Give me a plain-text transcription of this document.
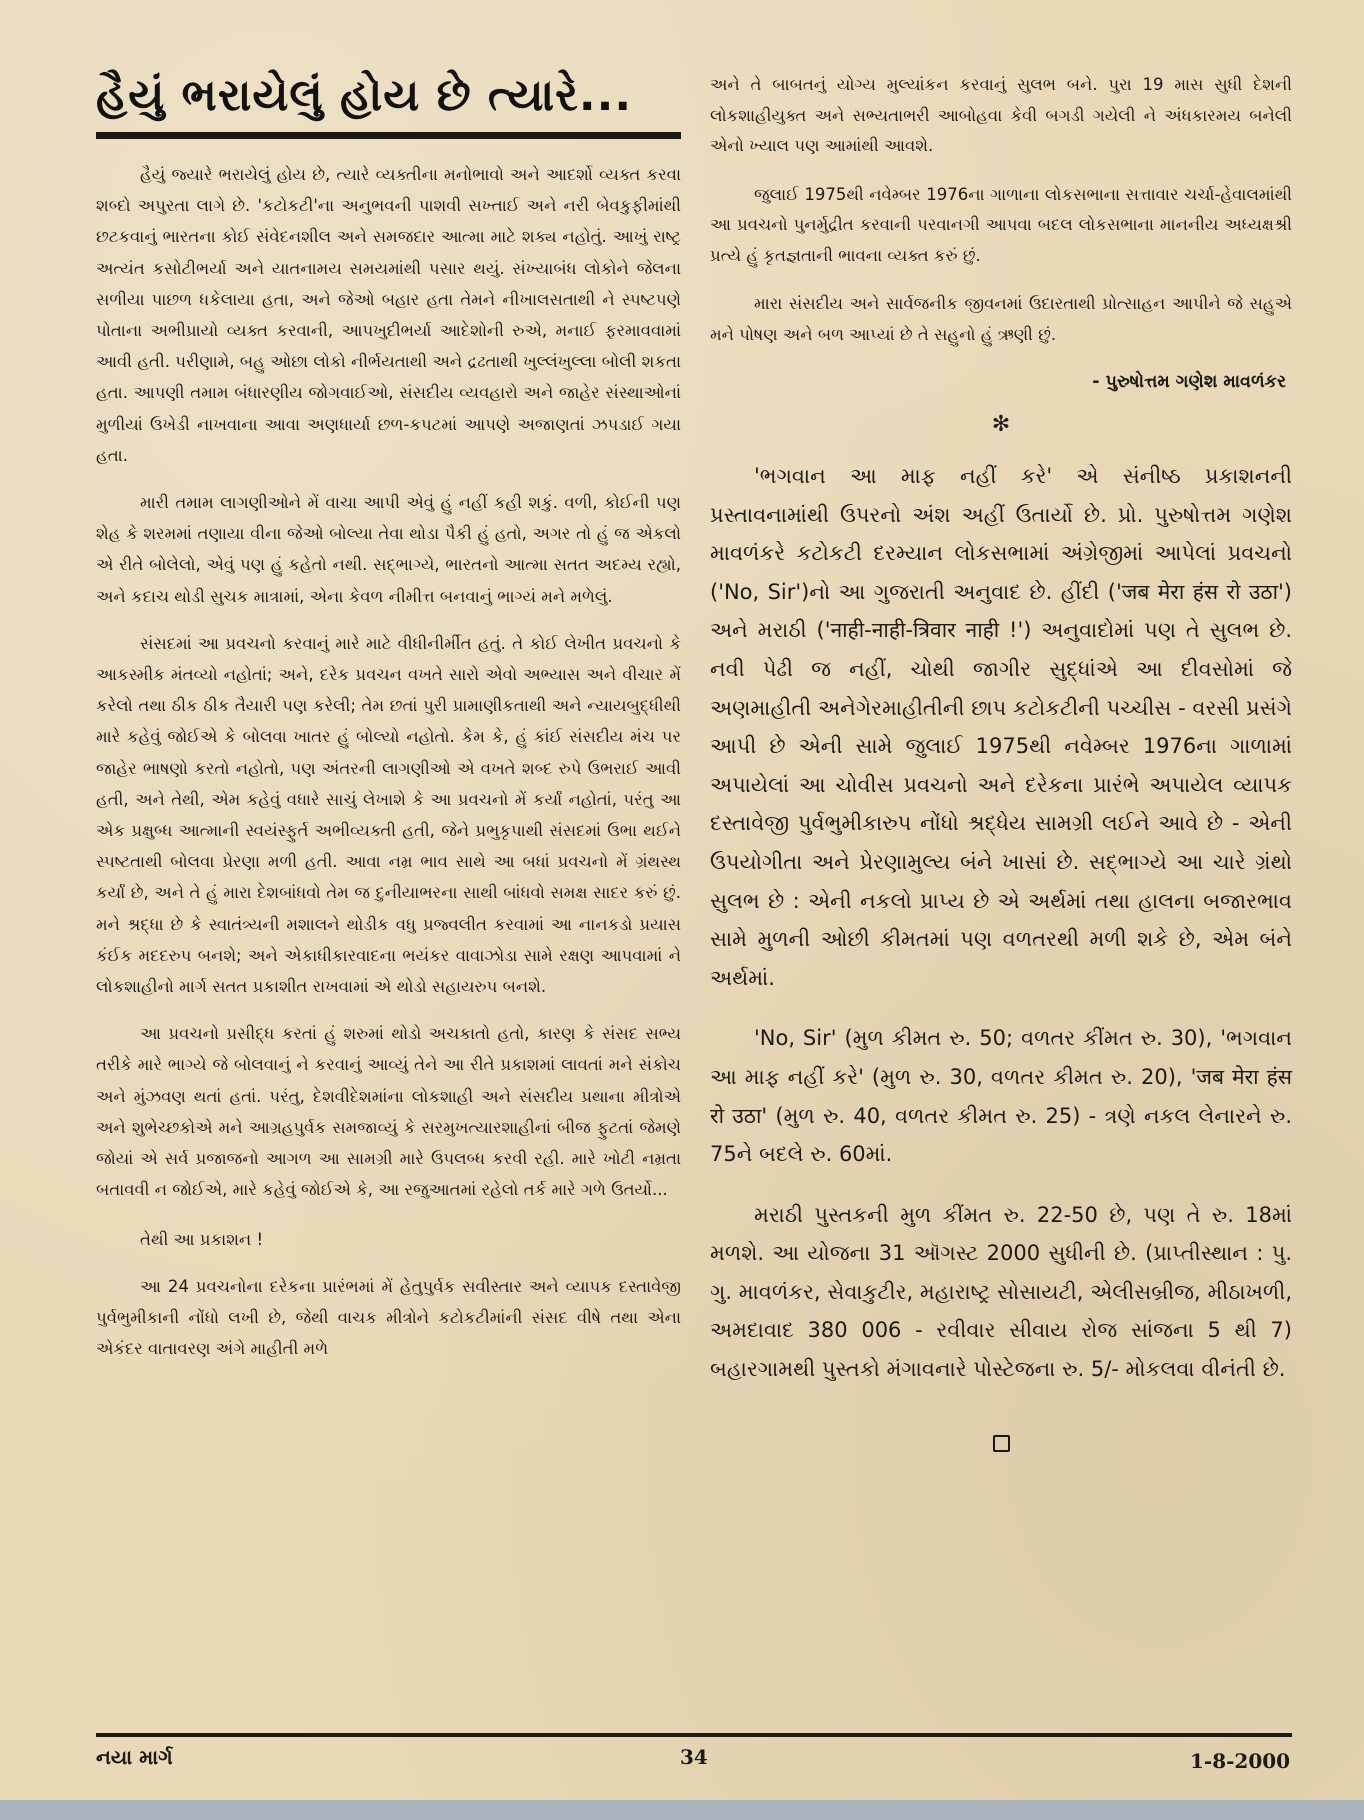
હૈયું ભરાયેલું હોય છે ત્યારે...

હૈયું જ્યારે ભરાયેલું હોય છે, ત્યારે વ્યક્તીના મનોભાવો અને આદર્શો વ્યક્ત કરવા શબ્દો અપુરતા લાગે છે. 'કટોકટી'ના અનુભવની પાશવી સખ્તાઈ અને નરી બેવકુફીમાંથી છટકવાનું ભારતના કોઈ સંવેદનશીલ અને સમજદાર આત્મા માટે શક્ય નહોતું. આખું રાષ્ટ્ર અત્યંત કસોટીભર્યા અને યાતનામય સમયમાંથી પસાર થયું. સંખ્યાબંધ લોકોને જેલના સળીયા પાછળ ધકેલાયા હતા, અને જેઓ બહાર હતા તેમને નીખાલસતાથી ને સ્પષ્ટપણે પોતાના અભીપ્રાયો વ્યક્ત કરવાની, આપખુદીભર્યા આદેશોની રુએ, મનાઈ ફરમાવવામાં આવી હતી. પરીણામે, બહુ ઓછા લોકો નીર્ભયતાથી અને દ્રઢતાથી ખુલ્લંખુલ્લા બોલી શકતા હતા. આપણી તમામ બંધારણીય જોગવાઈઓ, સંસદીય વ્યવહારો અને જાહેર સંસ્થાઓનાં મુળીયાં ઉખેડી નાખવાના આવા અણધાર્યા છળ-કપટમાં આપણે અજાણતાં ઝપડાઈ ગયા હતા.

મારી તમામ લાગણીઓને મેં વાચા આપી એવું હું નહીં કહી શકું. વળી, કોઈની પણ શેહ કે શરમમાં તણાયા વીના જેઓ બોલ્યા તેવા થોડા પૈકી હું હતો, અગર તો હું જ એકલો એ રીતે બોલેલો, એવું પણ હું કહેતો નથી. સદ્ભાગ્યે, ભારતનો આત્મા સતત અદમ્ય રહ્યો, અને કદાચ થોડી સુચક માત્રામાં, એના કેવળ નીમીત્ત બનવાનું ભાગ્યં મને મળેલું.

સંસદમાં આ પ્રવચનો કરવાનું મારે માટે વીધીનીર્મીત હતું. તે કોઈ લેખીત પ્રવચનો કે આકસ્મીક મંતવ્યો નહોતાં; અને, દરેક પ્રવચન વખતે સારો એવો અભ્યાસ અને વીચાર મેં કરેલો તથા ઠીક ઠીક તૈયારી પણ કરેલી; તેમ છતાં પુરી પ્રામાણીકતાથી અને ન્યાયબુદ્ધીથી મારે કહેવું જોઈએ કે બોલવા ખાતર હું બોલ્યો નહોતો. કેમ કે, હું કાંઈ સંસદીય મંચ પર જાહેર ભાષણો કરતો નહોતો, પણ અંતરની લાગણીઓ એ વખતે શબ્દ રુપે ઉભરાઈ આવી હતી, અને તેથી, એમ કહેવું વધારે સાચું લેખાશે કે આ પ્રવચનો મેં કર્યાં નહોતાં, પરંતુ આ એક પ્રક્ષુબ્ધ આત્માની સ્વયંસ્ફુર્ત અભીવ્યક્તી હતી, જેને પ્રભુકૃપાથી સંસદમાં ઉભા થઈને સ્પષ્ટતાથી બોલવા પ્રેરણા મળી હતી. આવા નમ્ર ભાવ સાથે આ બધાં પ્રવચનો મેં ગ્રંથસ્થ કર્યાં છે, અને તે હું મારા દેશબાંધવો તેમ જ દુનીયાભરના સાથી બાંધવો સમક્ષ સાદર કરું છું. મને શ્રદ્ધા છે કે સ્વાતંત્ર્યની મશાલને થોડીક વધુ પ્રજ્વલીત કરવામાં આ નાનકડો પ્રયાસ કંઈક મદદરુપ બનશે; અને એકાધીકારવાદના ભયંકર વાવાઝોડા સામે રક્ષણ આપવામાં ને લોકશાહીનો માર્ગ સતત પ્રકાશીત રાખવામાં એ થોડો સહાયરુપ બનશે.

આ પ્રવચનો પ્રસીદ્ધ કરતાં હું શરુમાં થોડો અચકાતો હતો, કારણ કે સંસદ સભ્ય તરીકે મારે ભાગ્યે જે બોલવાનું ને કરવાનું આવ્યું તેને આ રીતે પ્રકાશમાં લાવતાં મને સંકોચ અને મુંઝવણ થતાં હતાં. પરંતુ, દેશવીદેશમાંના લોકશાહી અને સંસદીય પ્રથાના મીત્રોએ અને શુભેચ્છકોએ મને આગ્રહપુર્વક સમજાવ્યું કે સરમુખત્યારશાહીનાં બીજ ફુટતાં જેમણે જોયાં એ સર્વ પ્રજાજનો આગળ આ સામગ્રી મારે ઉપલબ્ધ કરવી રહી. મારે ખોટી નમ્રતા બતાવવી ન જોઈએ, મારે કહેવું જોઈએ કે, આ રજુઆતમાં રહેલો તર્ક મારે ગળે ઉતર્યો...

તેથી આ પ્રકાશન !

આ 24 પ્રવચનોના દરેકના પ્રારંભમાં મેં હેતુપુર્વક સવીસ્તાર અને વ્યાપક દસ્તાવેજી પુર્વભુમીકાની નોંધો લખી છે, જેથી વાચક મીત્રોને કટોકટીમાંની સંસદ વીષે તથા એના એકંદર વાતાવરણ અંગે માહીતી મળે

અને તે બાબતનું યોગ્ય મુલ્યાંકન કરવાનું સુલભ બને. પુરા 19 માસ સુધી દેશની લોકશાહીયુક્ત અને સભ્યતાભરી આબોહવા કેવી બગડી ગયેલી ને અંધકારમય બનેલી એનો ખ્યાલ પણ આમાંથી આવશે.

જુલાઈ 1975થી નવેમ્બર 1976ના ગાળાના લોકસભાના સત્તાવાર ચર્ચા-હેવાલમાંથી આ પ્રવચનો પુનર્મુદ્રીત કરવાની પરવાનગી આપવા બદલ લોકસભાના માનનીય અધ્યક્ષશ્રી પ્રત્યે હું કૃતજ્ઞતાની ભાવના વ્યક્ત કરું છું.

મારા સંસદીય અને સાર્વજનીક જીવનમાં ઉદારતાથી પ્રોત્સાહન આપીને જે સહુએ મને પોષણ અને બળ આપ્યાં છે તે સહુનો હું ઋણી છું.

- પુરુષોત્તમ ગણેશ માવળંકર
✻

'ભગવાન આ માફ નહીં કરે' એ સંનીષ્ઠ પ્રકાશનની પ્રસ્તાવનામાંથી ઉપરનો અંશ અહીં ઉતાર્યો છે. પ્રો. પુરુષોત્તમ ગણેશ માવળંકરે કટોકટી દરમ્યાન લોકસભામાં અંગ્રેજીમાં આપેલાં પ્રવચનો ('No, Sir')નો આ ગુજરાતી અનુવાદ છે. હીંદી ('जब मेरा हंस रो उठा') અને મરાઠી ('नाही-नाही-त्रिवार नाही !') અનુવાદોમાં પણ તે સુલભ છે. નવી પેઢી જ નહીં, ચોથી જાગીર સુદ્ધાંએ આ દીવસોમાં જે અણમાહીતી અનેગેરમાહીતીની છાપ કટોકટીની પચ્ચીસ - વરસી પ્રસંગે આપી છે એની સામે જુલાઈ 1975થી નવેમ્બર 1976ના ગાળામાં અપાયેલાં આ ચોવીસ પ્રવચનો અને દરેકના પ્રારંભે અપાયેલ વ્યાપક દસ્તાવેજી પુર્વભુમીકારુપ નોંધો શ્રદ્ધેય સામગ્રી લઈને આવે છે - એની ઉપયોગીતા અને પ્રેરણામુલ્ય બંને ખાસાં છે. સદ્ભાગ્યે આ ચારે ગ્રંથો સુલભ છે : એની નકલો પ્રાપ્ય છે એ અર્થમાં તથા હાલના બજારભાવ સામે મુળની ઓછી કીમતમાં પણ વળતરથી મળી શકે છે, એમ બંને અર્થમાં.

'No, Sir' (મુળ કીમત રુ. 50; વળતર કીંમત રુ. 30), 'ભગવાન આ માફ નહીં કરે' (મુળ રુ. 30, વળતર કીમત રુ. 20), 'जब मेरा हंस रो उठा' (મુળ રુ. 40, વળતર કીમત રુ. 25) - ત્રણે નકલ લેનારને રુ. 75ને બદલે રુ. 60માં.

મરાઠી પુસ્તકની મુળ કીંમત રુ. 22-50 છે, પણ તે રુ. 18માં મળશે. આ યોજના 31 ઑગસ્ટ 2000 સુધીની છે. (પ્રાપ્તીસ્થાન : પુ. ગુ. માવળંકર, સેવાકુટીર, મહારાષ્ટ્ર સોસાયટી, એલીસબ્રીજ, મીઠાખળી, અમદાવાદ 380 006 - રવીવાર સીવાય રોજ સાંજના 5 થી 7) બહારગામથી પુસ્તકો મંગાવનારે પોસ્ટેજના રુ. 5/- મોકલવા વીનંતી છે.

નયા માર્ગ	34	1-8-2000
